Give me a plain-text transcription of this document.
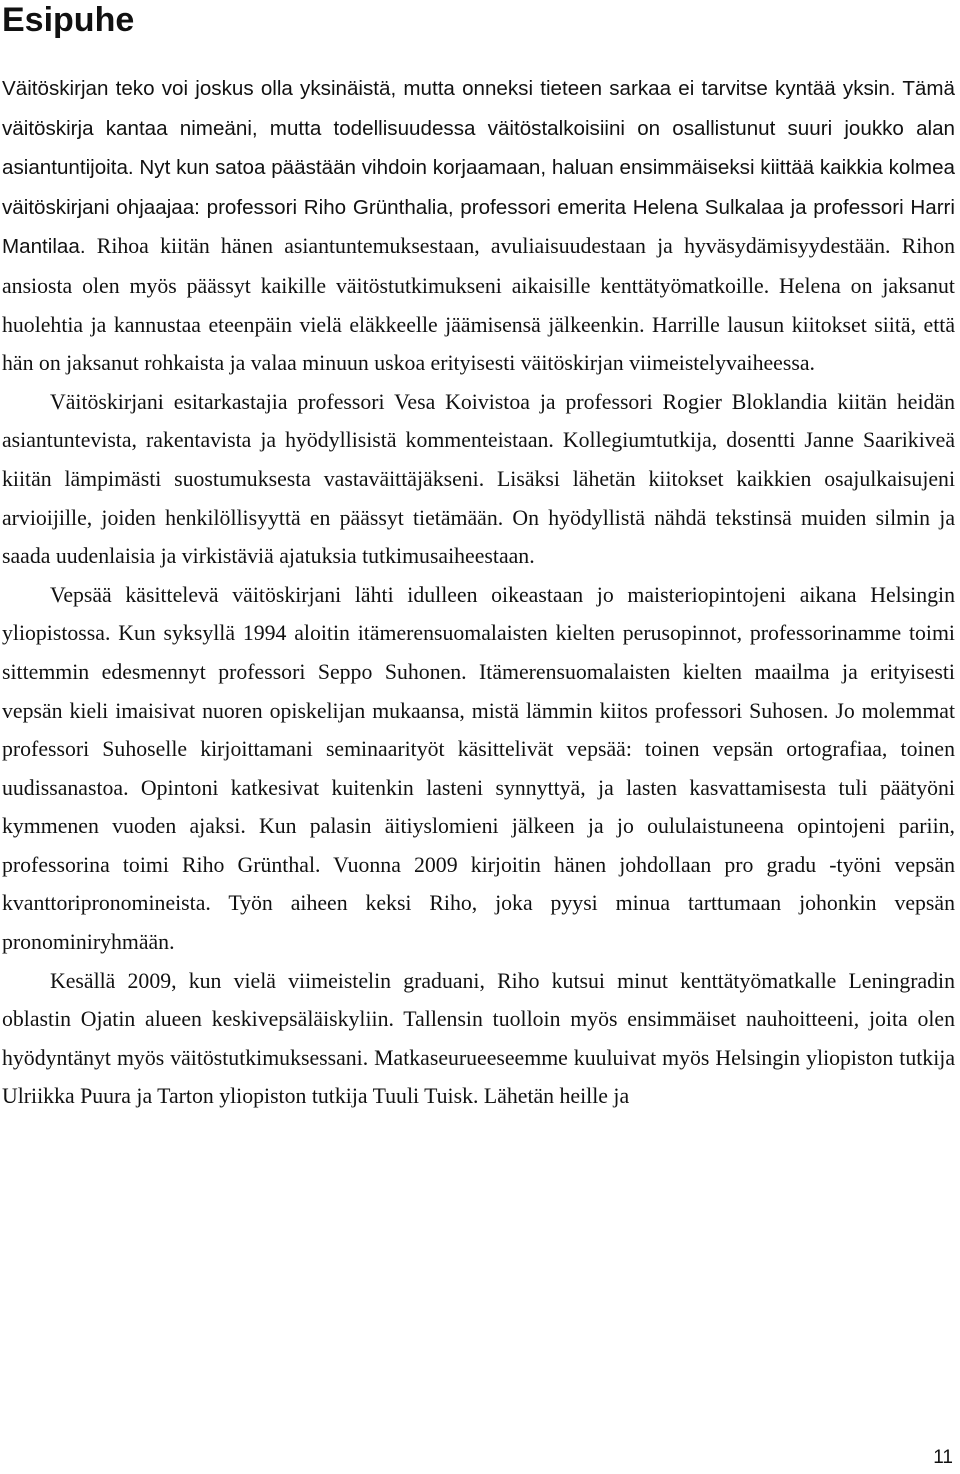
Esipuhe

Väitöskirjan teko voi joskus olla yksinäistä, mutta onneksi tieteen sarkaa ei tarvitse kyntää yksin. Tämä väitöskirja kantaa nimeäni, mutta todellisuudessa väitöstalkoisiini on osallistunut suuri joukko alan asiantuntijoita. Nyt kun satoa päästään vihdoin korjaamaan, haluan ensimmäiseksi kiittää kaikkia kolmea väitöskirjani ohjaajaa: professori Riho Grünthalia, professori emerita Helena Sulkalaa ja professori Harri Mantilaa. Rihoa kiitän hänen asiantuntemuksestaan, avuliaisuudestaan ja hyväsydämisyydestään. Rihon ansiosta olen myös päässyt kaikille väitöstutkimukseni aikaisille kenttätyömatkoille. Helena on jaksanut huolehtia ja kannustaa eteenpäin vielä eläkkeelle jäämisensä jälkeenkin. Harrille lausun kiitokset siitä, että hän on jaksanut rohkaista ja valaa minuun uskoa erityisesti väitöskirjan viimeistelyvaiheessa.

Väitöskirjani esitarkastajia professori Vesa Koivistoa ja professori Rogier Bloklandia kiitän heidän asiantuntevista, rakentavista ja hyödyllisistä kommenteistaan. Kollegiumtutkija, dosentti Janne Saarikiveä kiitän lämpimästi suostumuksesta vastaväittäjäkseni. Lisäksi lähetän kiitokset kaikkien osajulkaisujeni arvioijille, joiden henkilöllisyyttä en päässyt tietämään. On hyödyllistä nähdä tekstinsä muiden silmin ja saada uudenlaisia ja virkistäviä ajatuksia tutkimusaiheestaan.

Vepsää käsittelevä väitöskirjani lähti idulleen oikeastaan jo maisteriopintojeni aikana Helsingin yliopistossa. Kun syksyllä 1994 aloitin itämerensuomalaisten kielten perusopinnot, professorinamme toimi sittemmin edesmennyt professori Seppo Suhonen. Itämerensuomalaisten kielten maailma ja erityisesti vepsän kieli imaisivat nuoren opiskelijan mukaansa, mistä lämmin kiitos professori Suhosen. Jo molemmat professori Suhoselle kirjoittamani seminaarityöt käsittelivät vepsää: toinen vepsän ortografiaa, toinen uudissanastoa. Opintoni katkesivat kuitenkin lasteni synnyttyä, ja lasten kasvattamisesta tuli päätyöni kymmenen vuoden ajaksi. Kun palasin äitiyslomieni jälkeen ja jo oululaistuneena opintojeni pariin, professorina toimi Riho Grünthal. Vuonna 2009 kirjoitin hänen johdollaan pro gradu -työni vepsän kvanttoripronomineista. Työn aiheen keksi Riho, joka pyysi minua tarttumaan johonkin vepsän pronominiryhmään.

Kesällä 2009, kun vielä viimeistelin graduani, Riho kutsui minut kenttätyömatkalle Leningradin oblastin Ojatin alueen keskivepsäläiskyliin. Tallensin tuolloin myös ensimmäiset nauhoitteeni, joita olen hyödyntänyt myös väitöstutkimuksessani. Matkaseurueeseemme kuuluivat myös Helsingin yliopiston tutkija Ulriikka Puura ja Tarton yliopiston tutkija Tuuli Tuisk. Lähetän heille ja

11
